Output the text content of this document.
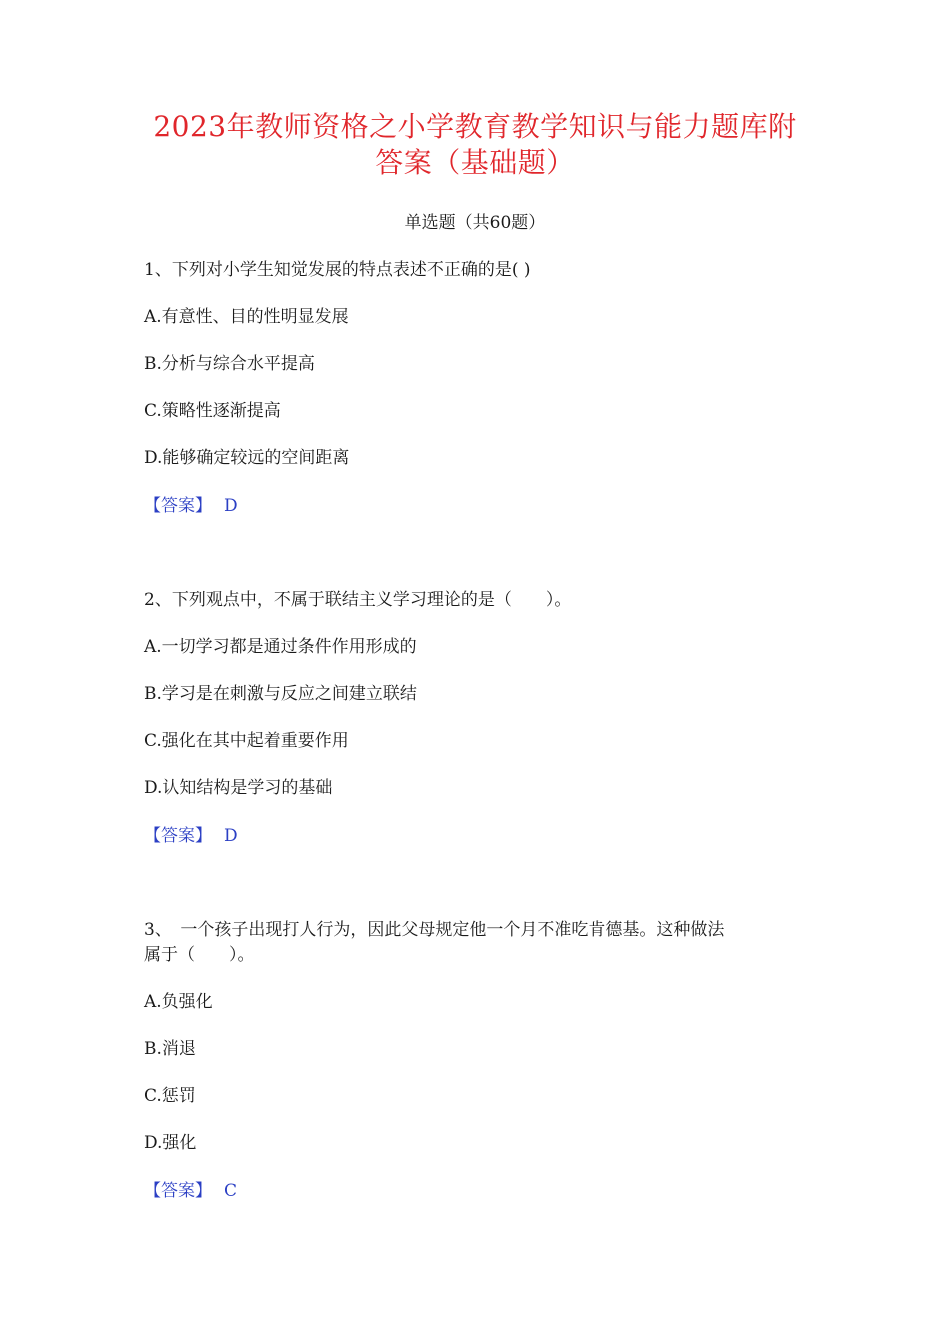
2023年教师资格之小学教育教学知识与能力题库附
答案（基础题）
单选题（共60题）
1、下列对小学生知觉发展的特点表述不正确的是( )
A.有意性、目的性明显发展
B.分析与综合水平提高
C.策略性逐渐提高
D.能够确定较远的空间距离
【答案】 D
2、下列观点中，不属于联结主义学习理论的是（　　）。
A.一切学习都是通过条件作用形成的
B.学习是在刺激与反应之间建立联结
C.强化在其中起着重要作用
D.认知结构是学习的基础
【答案】 D
3、　一个孩子出现打人行为，因此父母规定他一个月不准吃肯德基。这种做法
属于（　　）。
A.负强化
B.消退
C.惩罚
D.强化
【答案】 C
